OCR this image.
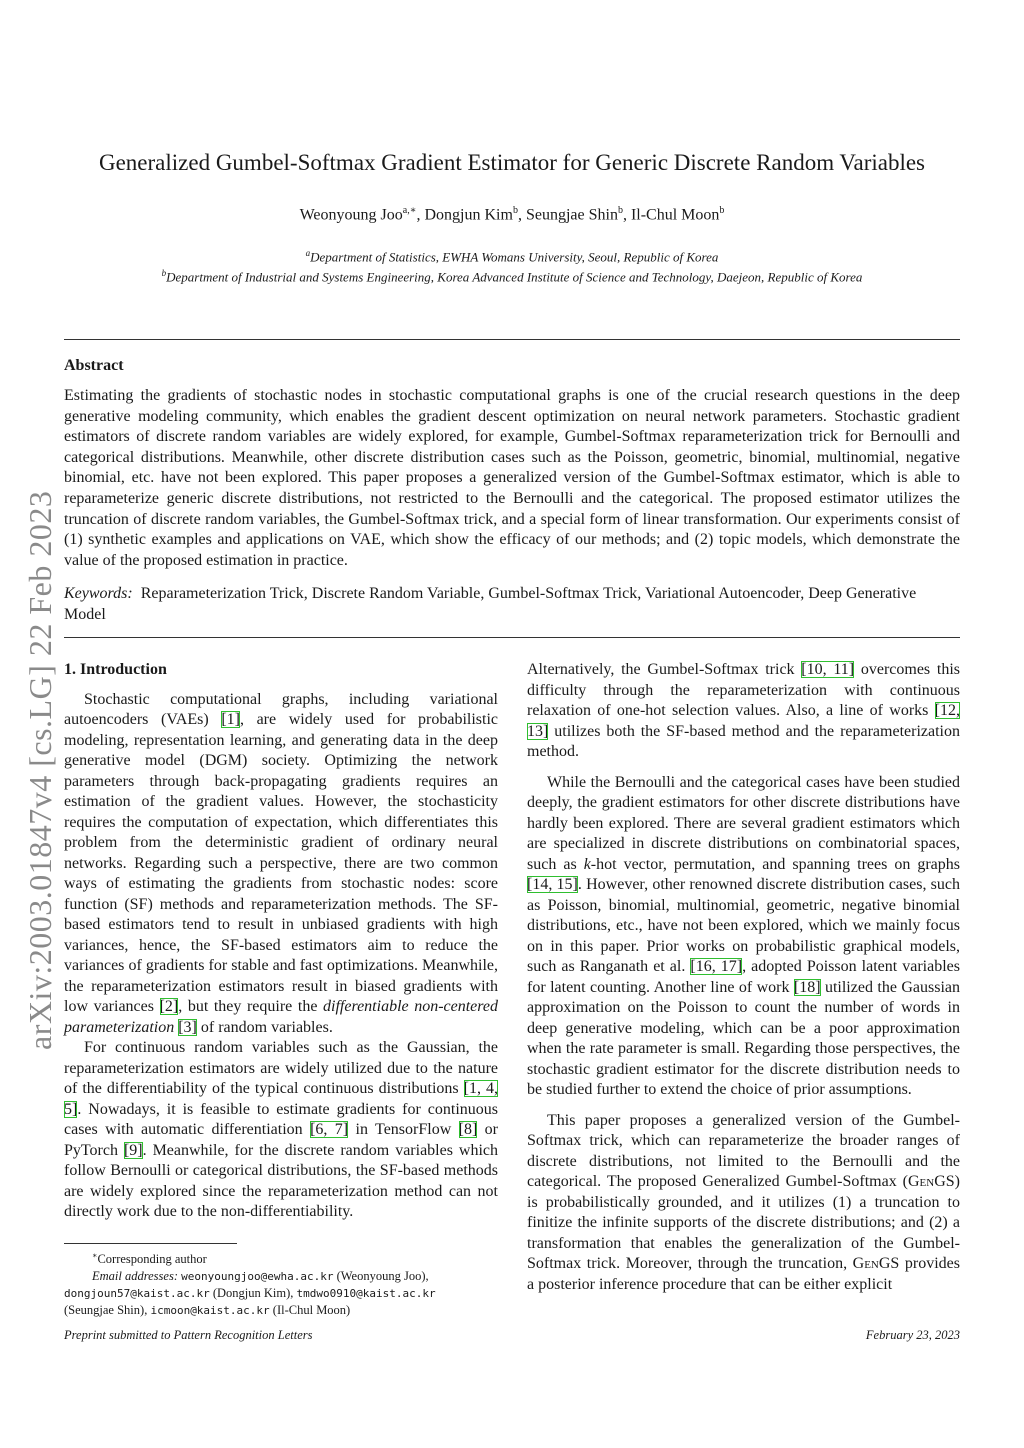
arXiv:2003.01847v4 [cs.LG] 22 Feb 2023
Generalized Gumbel-Softmax Gradient Estimator for Generic Discrete Random Variables
Weonyoung Joo$^{a,∗}$, Dongjun Kim$^b$, Seungjae Shin$^b$, Il-Chul Moon$^b$
$^a$Department of Statistics, EWHA Womans University, Seoul, Republic of Korea
$^b$Department of Industrial and Systems Engineering, Korea Advanced Institute of Science and Technology, Daejeon, Republic of Korea
Abstract
Estimating the gradients of stochastic nodes in stochastic computational graphs is one of the crucial research questions in the deep generative modeling community, which enables the gradient descent optimization on neural network parameters. Stochastic gradient estimators of discrete random variables are widely explored, for example, Gumbel-Softmax reparameterization trick for Bernoulli and categorical distributions. Meanwhile, other discrete distribution cases such as the Poisson, geometric, binomial, multinomial, negative binomial, etc. have not been explored. This paper proposes a generalized version of the Gumbel-Softmax estimator, which is able to reparameterize generic discrete distributions, not restricted to the Bernoulli and the categorical. The proposed estimator utilizes the truncation of discrete random variables, the Gumbel-Softmax trick, and a special form of linear transformation. Our experiments consist of (1) synthetic examples and applications on VAE, which show the efficacy of our methods; and (2) topic models, which demonstrate the value of the proposed estimation in practice.
Keywords: Reparameterization Trick, Discrete Random Variable, Gumbel-Softmax Trick, Variational Autoencoder, Deep Generative Model
1. Introduction

Stochastic computational graphs, including variational autoencoders (VAEs) [1], are widely used for probabilistic modeling, representation learning, and generating data in the deep generative model (DGM) society. Optimizing the network parameters through back-propagating gradients requires an estimation of the gradient values. However, the stochasticity requires the computation of expectation, which differentiates this problem from the deterministic gradient of ordinary neural networks. Regarding such a perspective, there are two common ways of estimating the gradients from stochastic nodes: score function (SF) methods and reparameterization methods. The SF-based estimators tend to result in unbiased gradients with high variances, hence, the SF-based estimators aim to reduce the variances of gradients for stable and fast optimizations. Meanwhile, the reparameterization estimators result in biased gradients with low variances [2], but they require the differentiable non-centered parameterization [3] of random variables.

For continuous random variables such as the Gaussian, the reparameterization estimators are widely utilized due to the nature of the differentiability of the typical continuous distributions [1, 4, 5]. Nowadays, it is feasible to estimate gradients for continuous cases with automatic differentiation [6, 7] in TensorFlow [8] or PyTorch [9]. Meanwhile, for the discrete random variables which follow Bernoulli or categorical distributions, the SF-based methods are widely explored since the reparameterization method can not directly work due to the non-differentiability.

∗Corresponding author
Email addresses: weonyoungjoo@ewha.ac.kr (Weonyoung Joo),
dongjoun57@kaist.ac.kr (Dongjun Kim), tmdwo0910@kaist.ac.kr
(Seungjae Shin), icmoon@kaist.ac.kr (Il-Chul Moon)

Alternatively, the Gumbel-Softmax trick [10, 11] overcomes this difficulty through the reparameterization with continuous relaxation of one-hot selection values. Also, a line of works [12, 13] utilizes both the SF-based method and the reparameterization method.

While the Bernoulli and the categorical cases have been studied deeply, the gradient estimators for other discrete distributions have hardly been explored. There are several gradient estimators which are specialized in discrete distributions on combinatorial spaces, such as k-hot vector, permutation, and spanning trees on graphs [14, 15]. However, other renowned discrete distribution cases, such as Poisson, binomial, multinomial, geometric, negative binomial distributions, etc., have not been explored, which we mainly focus on in this paper. Prior works on probabilistic graphical models, such as Ranganath et al. [16, 17], adopted Poisson latent variables for latent counting. Another line of work [18] utilized the Gaussian approximation on the Poisson to count the number of words in deep generative modeling, which can be a poor approximation when the rate parameter is small. Regarding those perspectives, the stochastic gradient estimator for the discrete distribution needs to be studied further to extend the choice of prior assumptions.

This paper proposes a generalized version of the Gumbel-Softmax trick, which can reparameterize the broader ranges of discrete distributions, not limited to the Bernoulli and the categorical. The proposed Generalized Gumbel-Softmax (GenGS) is probabilistically grounded, and it utilizes (1) a truncation to finitize the infinite supports of the discrete distributions; and (2) a transformation that enables the generalization of the Gumbel-Softmax trick. Moreover, through the truncation, GenGS provides a posterior inference procedure that can be either explicit

Preprint submitted to Pattern Recognition Letters	February 23, 2023
